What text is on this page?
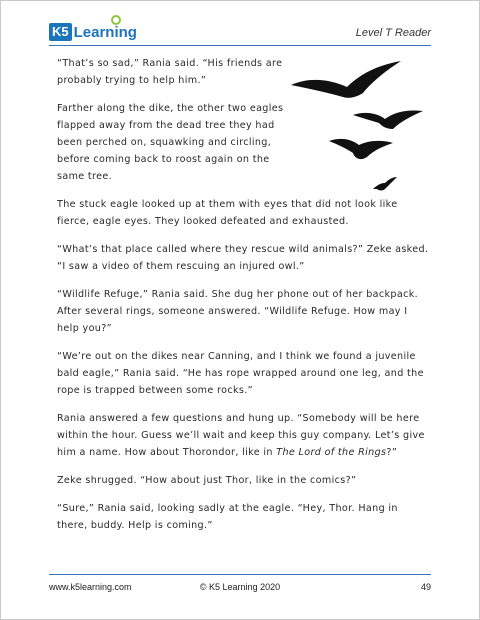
K5 Learning	Level T Reader

“That’s so sad,” Rania said. “His friends are probably trying to help him.”

Farther along the dike, the other two eagles flapped away from the dead tree they had been perched on, squawking and circling, before coming back to roost again on the same tree.

The stuck eagle looked up at them with eyes that did not look like fierce, eagle eyes. They looked defeated and exhausted.

“What’s that place called where they rescue wild animals?” Zeke asked. “I saw a video of them rescuing an injured owl.”

“Wildlife Refuge,” Rania said. She dug her phone out of her backpack. After several rings, someone answered. “Wildlife Refuge. How may I help you?”

“We’re out on the dikes near Canning, and I think we found a juvenile bald eagle,” Rania said. “He has rope wrapped around one leg, and the rope is trapped between some rocks.”

Rania answered a few questions and hung up. “Somebody will be here within the hour. Guess we’ll wait and keep this guy company. Let’s give him a name. How about Thorondor, like in The Lord of the Rings?”

Zeke shrugged. “How about just Thor, like in the comics?”

“Sure,” Rania said, looking sadly at the eagle. “Hey, Thor. Hang in there, buddy. Help is coming.”

www.k5learning.com	© K5 Learning 2020	49
